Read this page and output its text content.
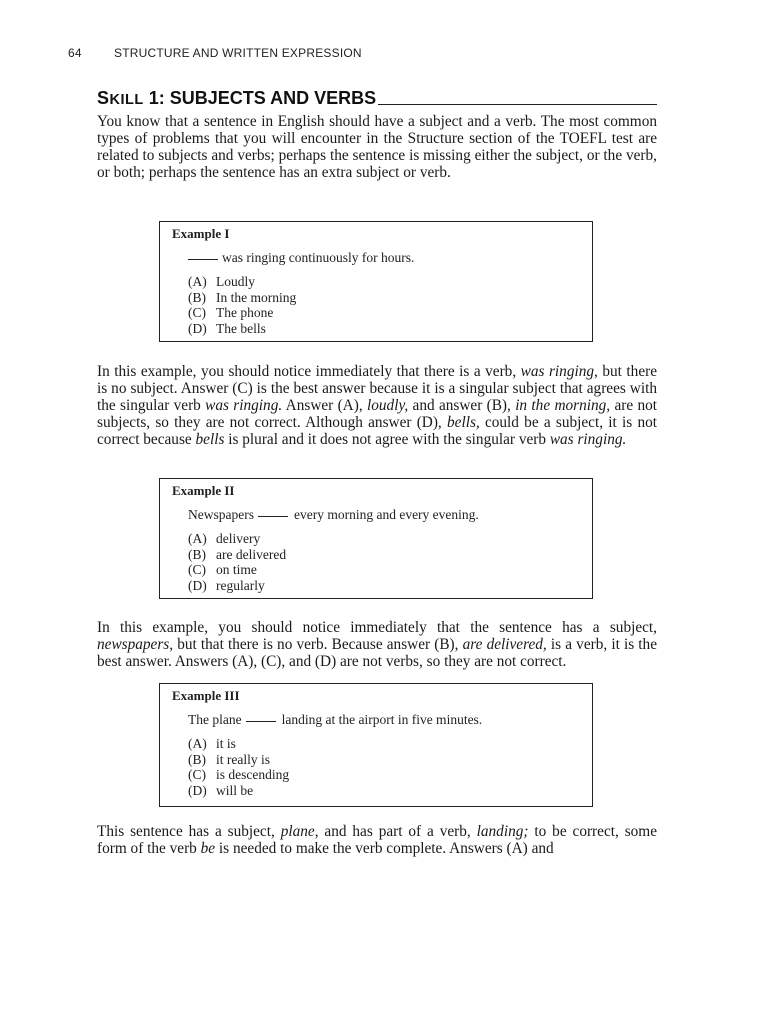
64	STRUCTURE AND WRITTEN EXPRESSION
SKILL 1: SUBJECTS AND VERBS

You know that a sentence in English should have a subject and a verb. The most common types of problems that you will encounter in the Structure section of the TOEFL test are related to subjects and verbs; perhaps the sentence is missing either the subject, or the verb, or both; perhaps the sentence has an extra subject or verb.

Example I
was ringing continuously for hours.
(A) Loudly
(B) In the morning
(C) The phone
(D) The bells

In this example, you should notice immediately that there is a verb, was ringing, but there is no subject. Answer (C) is the best answer because it is a singular subject that agrees with the singular verb was ringing. Answer (A), loudly, and answer (B), in the morning, are not subjects, so they are not correct. Although answer (D), bells, could be a subject, it is not correct because bells is plural and it does not agree with the singular verb was ringing.

Example II
Newspapers	every morning and every evening.
(A) delivery
(B) are delivered
(C) on time
(D) regularly

In this example, you should notice immediately that the sentence has a subject, newspapers, but that there is no verb. Because answer (B), are delivered, is a verb, it is the best answer. Answers (A), (C), and (D) are not verbs, so they are not correct.

Example III
The plane	landing at the airport in five minutes.
(A) it is
(B) it really is
(C) is descending
(D) will be

This sentence has a subject, plane, and has part of a verb, landing; to be correct, some form of the verb be is needed to make the verb complete. Answers (A) and
